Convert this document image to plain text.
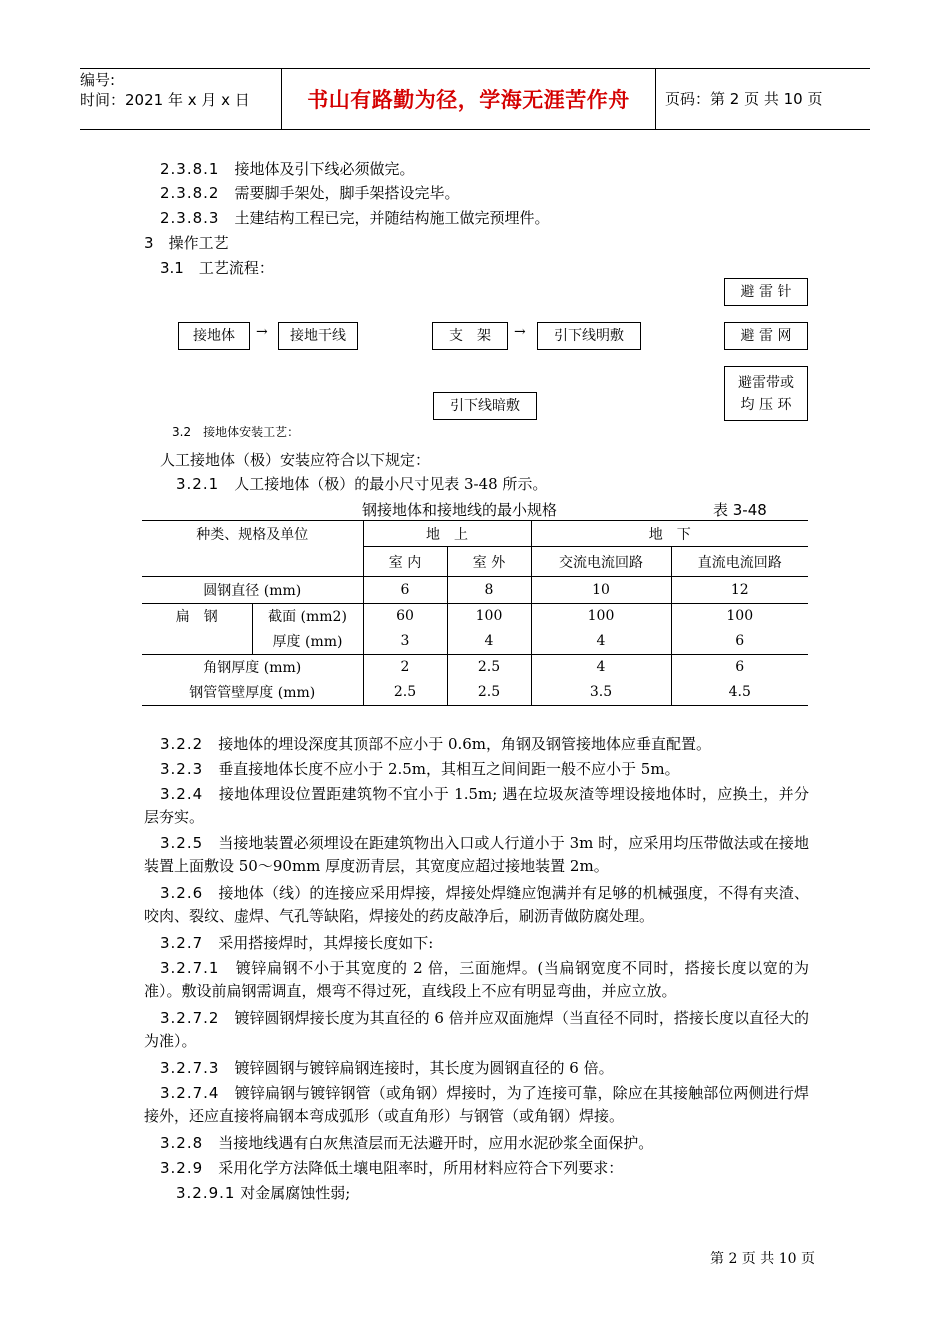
编号:
时间：2021 年 x 月 x 日	书山有路勤为径，学海无涯苦作舟 页码：第 2 页 共 10 页
2.3.8.1　 接地体及引下线必须做完。
2.3.8.2　 需要脚手架处，脚手架搭设完毕。
2.3.8.3　 土建结构工程已完，并随结构施工做完预埋件。
3　 操作工艺
3.1　 工艺流程：
避 雷 针
接地体	→	接地干线	支　架	→	引下线明敷	避 雷 网
避雷带或
均 压 环
引下线暗敷
3.2　 接地体安装工艺：
人工接地体（极）安装应符合以下规定：
3.2.1　 人工接地体（极）的最小尺寸见表 3-48 所示。
钢接地体和接地线的最小规格	表 3-48
种类、规格及单位		地　上		地　下	
		室 内	室 外	交流电流回路	直流电流回路
圆钢直径 (mm)		6	8	10	12
扁　钢	截面 (mm2)	60	100	100	100
	厚度 (mm)	3	4	4	6
角钢厚度 (mm)		2	2.5	4	6
钢管管壁厚度 (mm)		2.5	2.5	3.5	4.5
3.2.2　 接地体的埋设深度其顶部不应小于 0.6m，角钢及钢管接地体应垂直配置。
3.2.3　 垂直接地体长度不应小于 2.5m，其相互之间间距一般不应小于 5m。
3.2.4　 接地体理设位置距建筑物不宜小于 1.5m; 遇在垃圾灰渣等埋设接地体时，应换土，并分层夯实。
3.2.5　 当接地装置必须埋设在距建筑物出入口或人行道小于 3m 时，应采用均压带做法或在接地装置上面敷设 50～90mm 厚度沥青层，其宽度应超过接地装置 2m。
3.2.6　 接地体（线）的连接应采用焊接，焊接处焊缝应饱满并有足够的机械强度，不得有夹渣、咬肉、裂纹、虚焊、气孔等缺陷，焊接处的药皮敲净后，刷沥青做防腐处理。
3.2.7　 采用搭接焊时，其焊接长度如下:
3.2.7.1　 镀锌扁钢不小于其宽度的 2 倍，三面施焊。(当扁钢宽度不同时，搭接长度以宽的为准）。敷设前扁钢需调直，煨弯不得过死，直线段上不应有明显弯曲，并应立放。
3.2.7.2　 镀锌圆钢焊接长度为其直径的 6 倍并应双面施焊（当直径不同时，搭接长度以直径大的为准）。
3.2.7.3　 镀锌圆钢与镀锌扁钢连接时，其长度为圆钢直径的 6 倍。
3.2.7.4　 镀锌扁钢与镀锌钢管（或角钢）焊接时，为了连接可靠，除应在其接触部位两侧进行焊接外，还应直接将扁钢本弯成弧形（或直角形）与钢管（或角钢）焊接。
3.2.8　 当接地线遇有白灰焦渣层而无法避开时，应用水泥砂浆全面保护。
3.2.9　 采用化学方法降低土壤电阻率时，所用材料应符合下列要求：
3.2.9.1 对金属腐蚀性弱;
第 2 页 共 10 页
